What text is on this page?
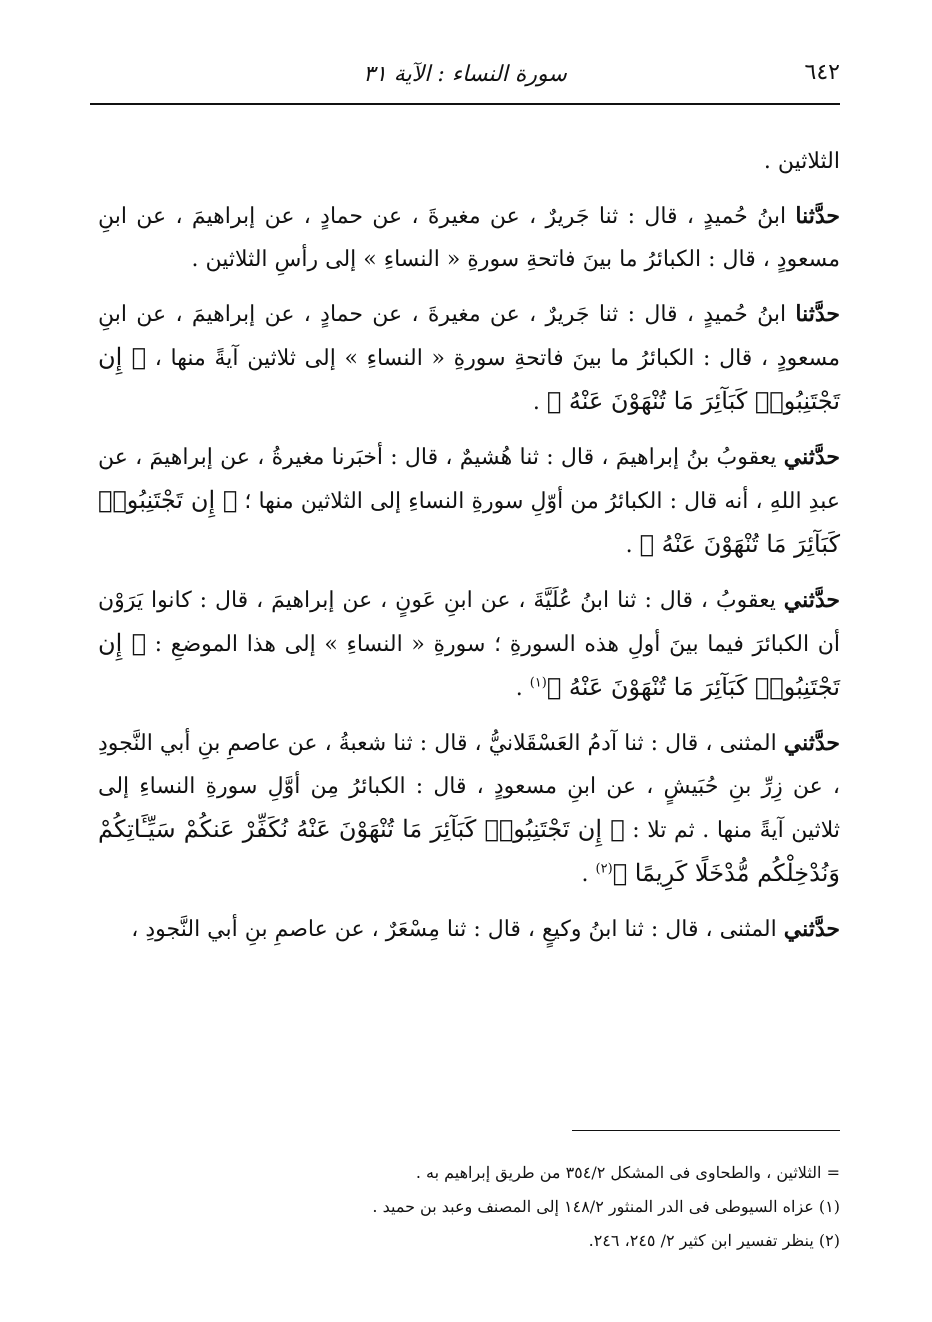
٦٤٢
سورة النساء : الآية ٣١

الثلاثين .

حدَّثنا ابنُ حُميدٍ ، قال : ثنا جَريرٌ ، عن مغيرةَ ، عن حمادٍ ، عن إبراهيمَ ، عن ابنِ مسعودٍ ، قال : الكبائرُ ما بينَ فاتحةِ سورةِ « النساءِ » إلى رأسِ الثلاثين .

حدَّثنا ابنُ حُميدٍ ، قال : ثنا جَريرٌ ، عن مغيرةَ ، عن حمادٍ ، عن إبراهيمَ ، عن ابنِ مسعودٍ ، قال : الكبائرُ ما بينَ فاتحةِ سورةِ « النساءِ » إلى ثلاثين آيةً منها ، ﴿ إِن تَجْتَنِبُوا۟ كَبَآئِرَ مَا تُنْهَوْنَ عَنْهُ ﴾ .

حدَّثني يعقوبُ بنُ إبراهيمَ ، قال : ثنا هُشيمٌ ، قال : أخبَرنا مغيرةُ ، عن إبراهيمَ ، عن عبدِ اللهِ ، أنه قال : الكبائرُ من أوّلِ سورةِ النساءِ إلى الثلاثين منها ؛ ﴿ إِن تَجْتَنِبُوا۟ كَبَآئِرَ مَا تُنْهَوْنَ عَنْهُ ﴾ .

حدَّثني يعقوبُ ، قال : ثنا ابنُ عُلَيَّةَ ، عن ابنِ عَونٍ ، عن إبراهيمَ ، قال : كانوا يَرَوْن أن الكبائرَ فيما بينَ أولِ هذه السورةِ ؛ سورةِ « النساءِ » إلى هذا الموضعِ : ﴿ إِن تَجْتَنِبُوا۟ كَبَآئِرَ مَا تُنْهَوْنَ عَنْهُ ﴾$^{(١)}$ .

حدَّثني المثنى ، قال : ثنا آدمُ العَسْقَلانيُّ ، قال : ثنا شعبةُ ، عن عاصمِ بنِ أبي النَّجودِ ، عن زِرِّ بنِ حُبَيشٍ ، عن ابنِ مسعودٍ ، قال : الكبائرُ مِن أوَّلِ سورةِ النساءِ إلى ثلاثين آيةً منها . ثم تلا : ﴿ إِن تَجْتَنِبُوا۟ كَبَآئِرَ مَا تُنْهَوْنَ عَنْهُ نُكَفِّرْ عَنكُمْ سَيِّـَٔاتِكُمْ وَنُدْخِلْكُم مُّدْخَلًا كَرِيمًا ﴾$^{(٢)}$ .

حدَّثني المثنى ، قال : ثنا ابنُ وكيعٍ ، قال : ثنا مِسْعَرٌ ، عن عاصمِ بنِ أبي النَّجودِ ،

= الثلاثين ، والطحاوى فى المشكل ٣٥٤/٢ من طريق إبراهيم به .
(١) عزاه السيوطى فى الدر المنثور ١٤٨/٢ إلى المصنف وعبد بن حميد .
(٢) ينظر تفسير ابن كثير ٢/ ٢٤٥، ٢٤٦.
